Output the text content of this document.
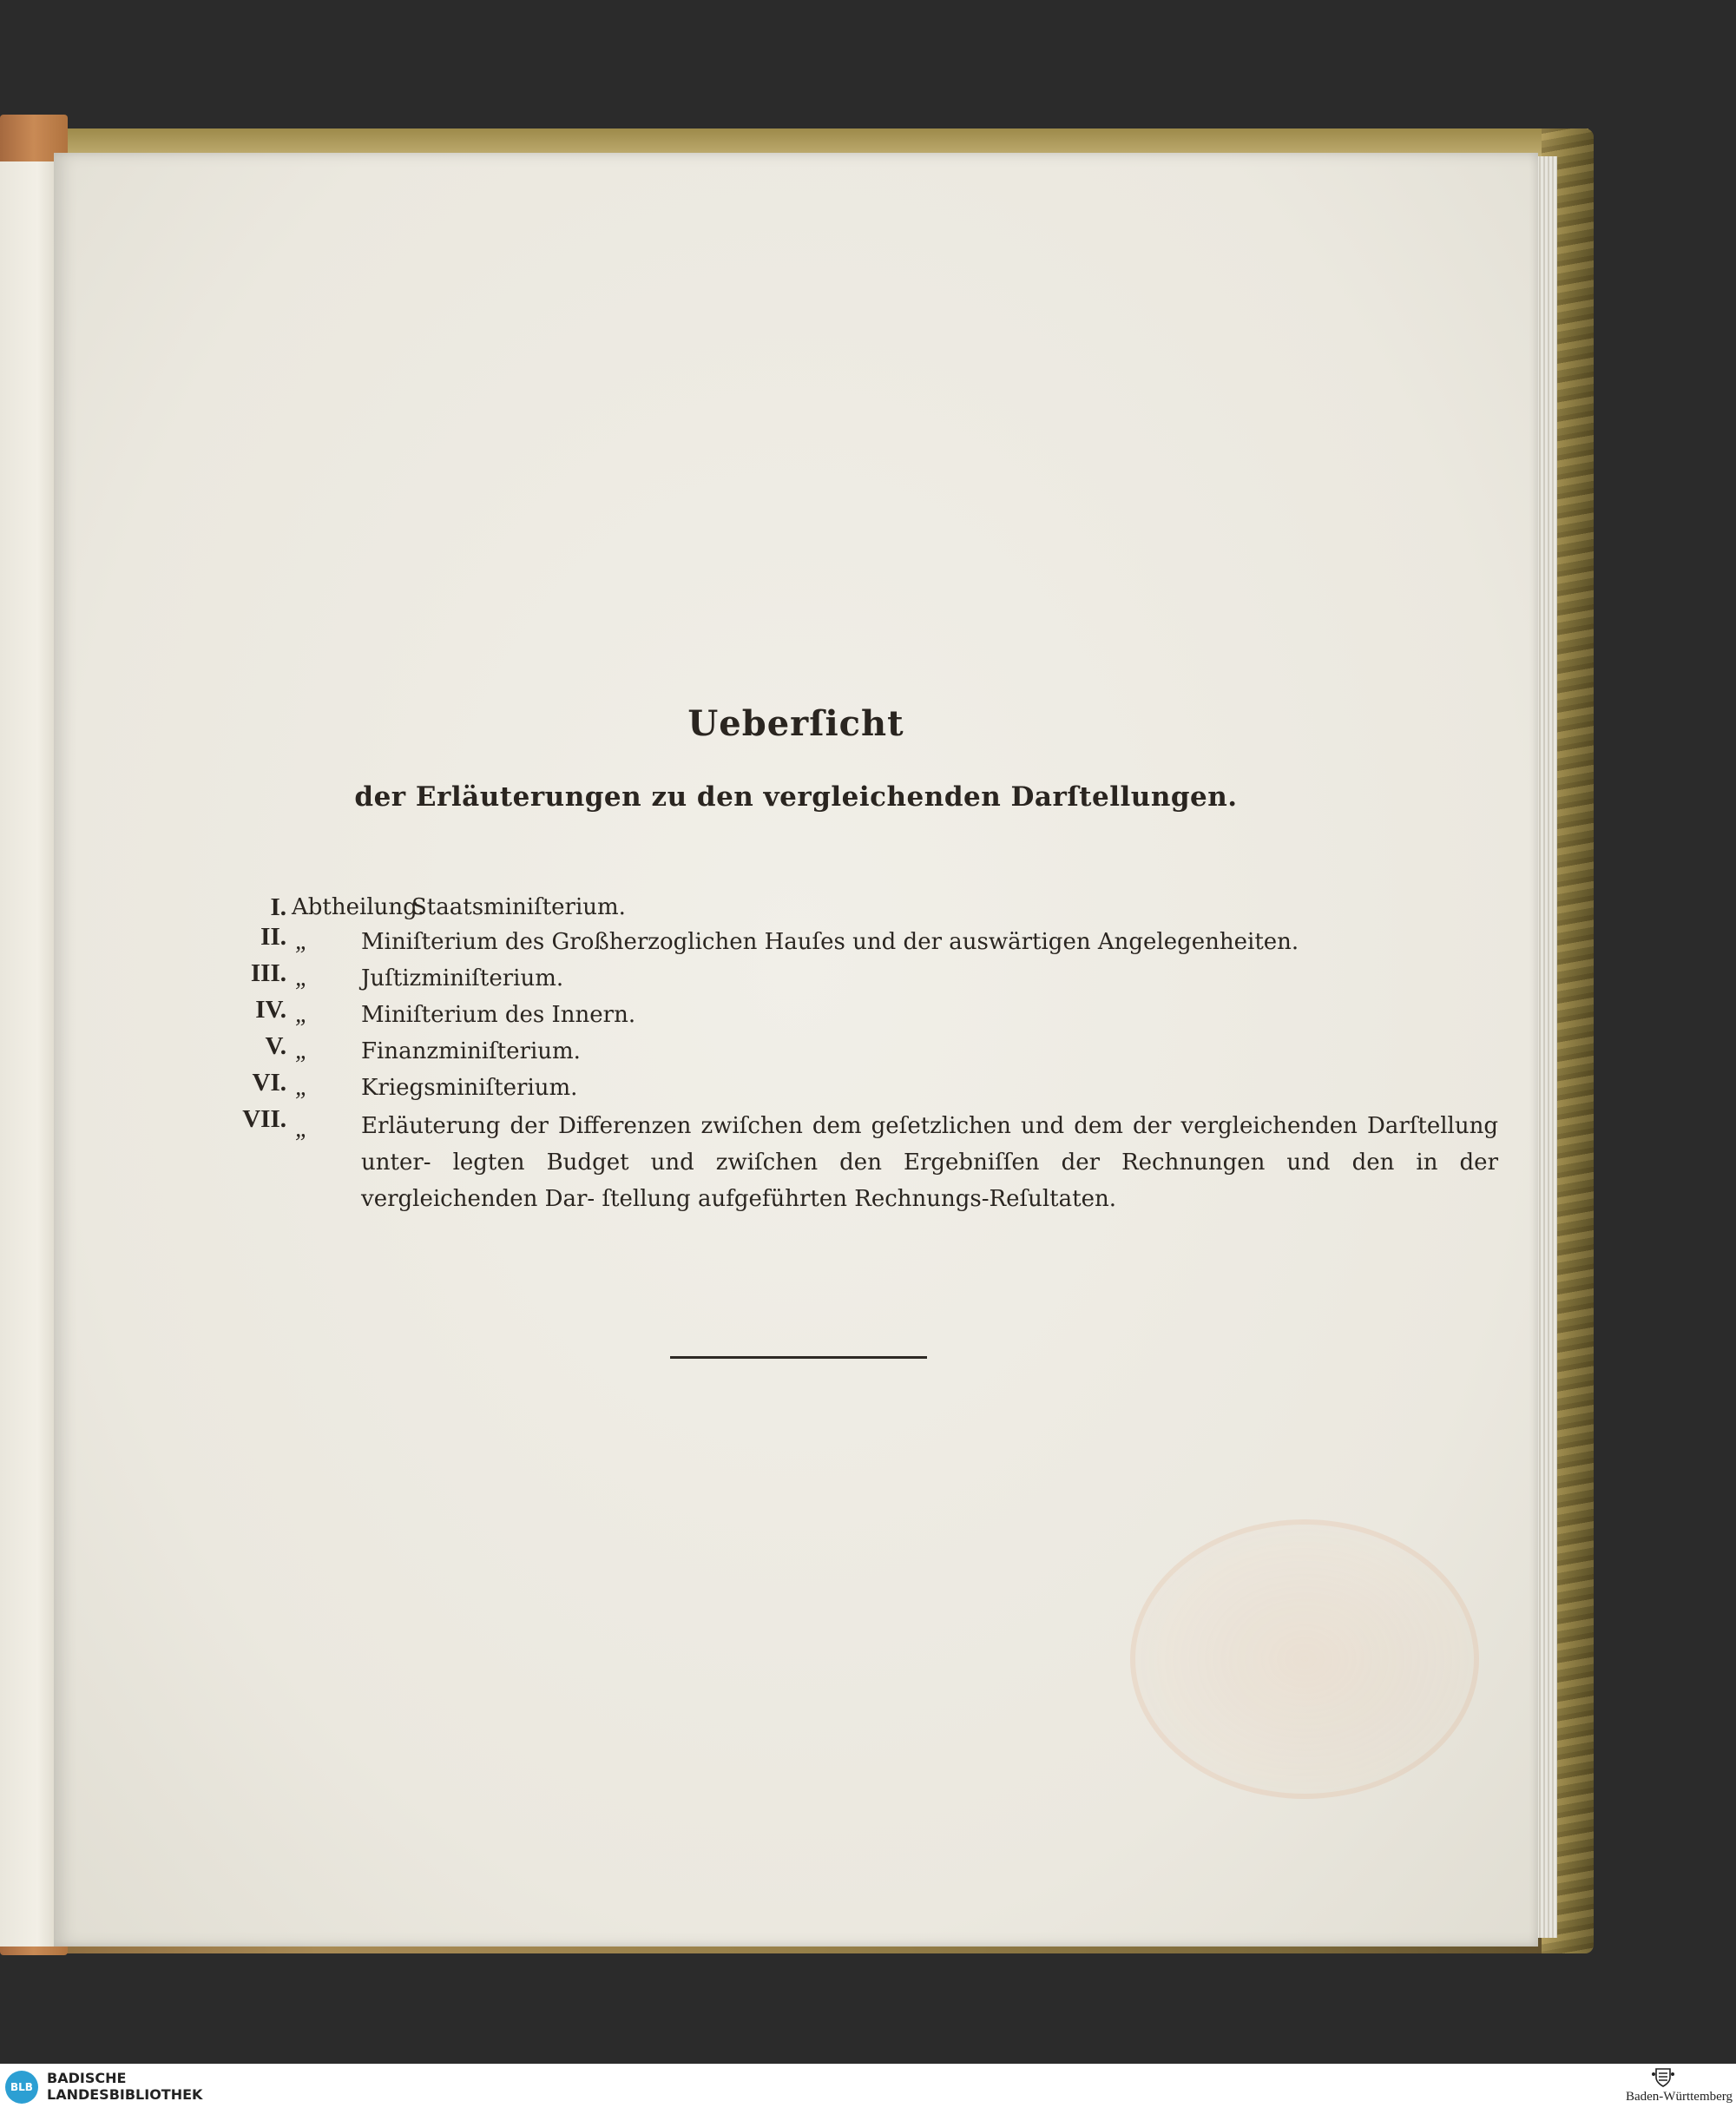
Ueberſicht
der Erläuterungen zu den vergleichenden Darſtellungen.
I. Abtheilung.
Staatsminiſterium.
II. „ Miniſterium des Großherzoglichen Hauſes und der auswärtigen Angelegenheiten.
III. „ Juſtizminiſterium.
IV. „ Miniſterium des Innern.
V. „ Finanzminiſterium.
VI. „ Kriegsminiſterium.
VII. „ Erläuterung der Differenzen zwiſchen dem geſetzlichen und dem der vergleichenden Darſtellung unter- legten Budget und zwiſchen den Ergebniſſen der Rechnungen und den in der vergleichenden Dar- ſtellung aufgeführten Rechnungs-Reſultaten.
BLB
BADISCHE
LANDESBIBLIOTHEK	Baden-Württemberg
